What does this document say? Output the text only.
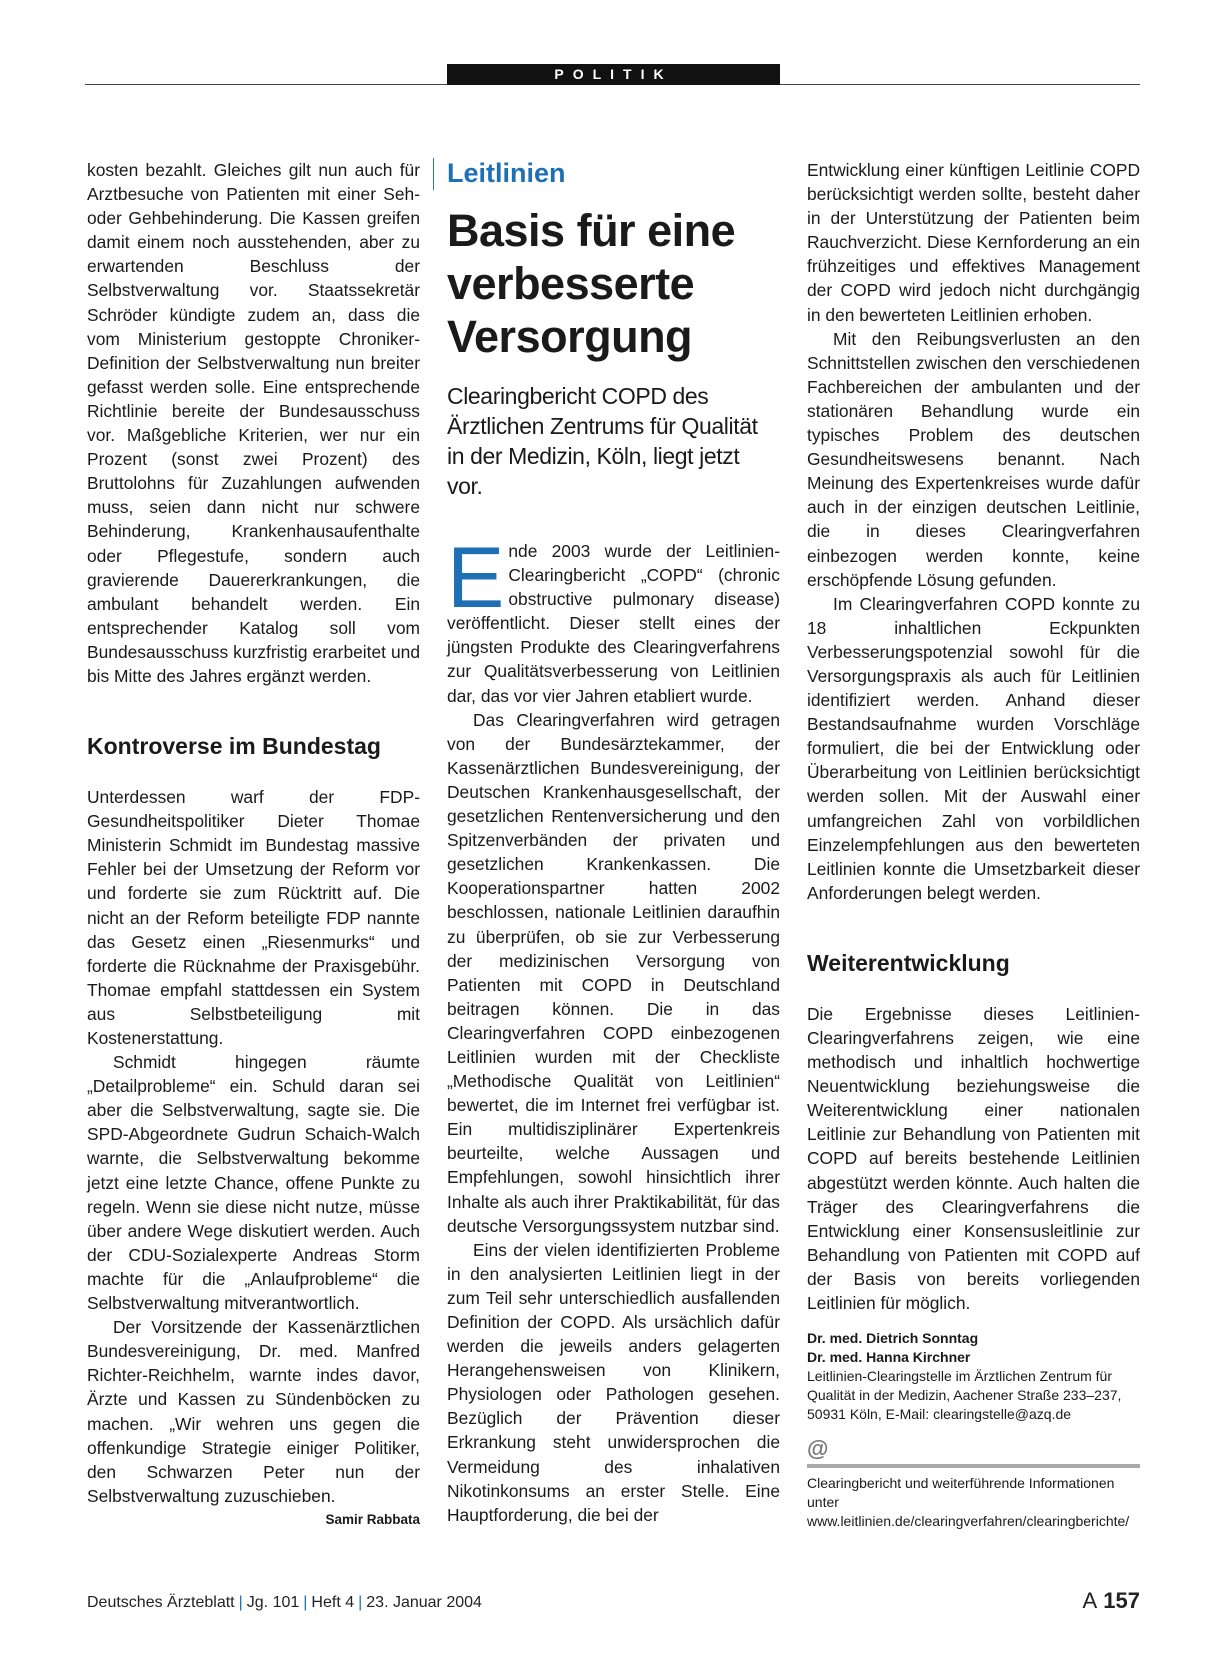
POLITIK

kosten bezahlt. Gleiches gilt nun auch für Arztbesuche von Patienten mit einer Seh- oder Gehbehinderung. Die Kassen greifen damit einem noch ausstehenden, aber zu erwartenden Beschluss der Selbstverwaltung vor. Staatssekretär Schröder kündigte zudem an, dass die vom Ministerium gestoppte Chroniker-Definition der Selbstverwaltung nun breiter gefasst werden solle. Eine entsprechende Richtlinie bereite der Bundesausschuss vor. Maßgebliche Kriterien, wer nur ein Prozent (sonst zwei Prozent) des Bruttolohns für Zuzahlungen aufwenden muss, seien dann nicht nur schwere Behinderung, Krankenhausaufenthalte oder Pflegestufe, sondern auch gravierende Dauererkrankungen, die ambulant behandelt werden. Ein entsprechender Katalog soll vom Bundesausschuss kurzfristig erarbeitet und bis Mitte des Jahres ergänzt werden.

Kontroverse im Bundestag

Unterdessen warf der FDP-Gesundheitspolitiker Dieter Thomae Ministerin Schmidt im Bundestag massive Fehler bei der Umsetzung der Reform vor und forderte sie zum Rücktritt auf. Die nicht an der Reform beteiligte FDP nannte das Gesetz einen „Riesenmurks“ und forderte die Rücknahme der Praxisgebühr. Thomae empfahl stattdessen ein System aus Selbstbeteiligung mit Kostenerstattung.

Schmidt hingegen räumte „Detailprobleme“ ein. Schuld daran sei aber die Selbstverwaltung, sagte sie. Die SPD-Abgeordnete Gudrun Schaich-Walch warnte, die Selbstverwaltung bekomme jetzt eine letzte Chance, offene Punkte zu regeln. Wenn sie diese nicht nutze, müsse über andere Wege diskutiert werden. Auch der CDU-Sozialexperte Andreas Storm machte für die „Anlaufprobleme“ die Selbstverwaltung mitverantwortlich.

Der Vorsitzende der Kassenärztlichen Bundesvereinigung, Dr. med. Manfred Richter-Reichhelm, warnte indes davor, Ärzte und Kassen zu Sündenböcken zu machen. „Wir wehren uns gegen die offenkundige Strategie einiger Politiker, den Schwarzen Peter nun der Selbstverwaltung zuzuschieben.
Samir Rabbata

Leitlinien
Basis für eine verbesserte Versorgung
Clearingbericht COPD des Ärztlichen Zentrums für Qualität in der Medizin, Köln, liegt jetzt vor.

Ende 2003 wurde der Leitlinien-Clearingbericht „COPD“ (chronic obstructive pulmonary disease) veröffentlicht. Dieser stellt eines der jüngsten Produkte des Clearingverfahrens zur Qualitätsverbesserung von Leitlinien dar, das vor vier Jahren etabliert wurde.

Das Clearingverfahren wird getragen von der Bundesärztekammer, der Kassenärztlichen Bundesvereinigung, der Deutschen Krankenhausgesellschaft, der gesetzlichen Rentenversicherung und den Spitzenverbänden der privaten und gesetzlichen Krankenkassen. Die Kooperationspartner hatten 2002 beschlossen, nationale Leitlinien daraufhin zu überprüfen, ob sie zur Verbesserung der medizinischen Versorgung von Patienten mit COPD in Deutschland beitragen können. Die in das Clearingverfahren COPD einbezogenen Leitlinien wurden mit der Checkliste „Methodische Qualität von Leitlinien“ bewertet, die im Internet frei verfügbar ist. Ein multidisziplinärer Expertenkreis beurteilte, welche Aussagen und Empfehlungen, sowohl hinsichtlich ihrer Inhalte als auch ihrer Praktikabilität, für das deutsche Versorgungssystem nutzbar sind.

Eins der vielen identifizierten Probleme in den analysierten Leitlinien liegt in der zum Teil sehr unterschiedlich ausfallenden Definition der COPD. Als ursächlich dafür werden die jeweils anders gelagerten Herangehensweisen von Klinikern, Physiologen oder Pathologen gesehen. Bezüglich der Prävention dieser Erkrankung steht unwidersprochen die Vermeidung des inhalativen Nikotinkonsums an erster Stelle. Eine Hauptforderung, die bei der

Entwicklung einer künftigen Leitlinie COPD berücksichtigt werden sollte, besteht daher in der Unterstützung der Patienten beim Rauchverzicht. Diese Kernforderung an ein frühzeitiges und effektives Management der COPD wird jedoch nicht durchgängig in den bewerteten Leitlinien erhoben.

Mit den Reibungsverlusten an den Schnittstellen zwischen den verschiedenen Fachbereichen der ambulanten und der stationären Behandlung wurde ein typisches Problem des deutschen Gesundheitswesens benannt. Nach Meinung des Expertenkreises wurde dafür auch in der einzigen deutschen Leitlinie, die in dieses Clearingverfahren einbezogen werden konnte, keine erschöpfende Lösung gefunden.

Im Clearingverfahren COPD konnte zu 18 inhaltlichen Eckpunkten Verbesserungspotenzial sowohl für die Versorgungspraxis als auch für Leitlinien identifiziert werden. Anhand dieser Bestandsaufnahme wurden Vorschläge formuliert, die bei der Entwicklung oder Überarbeitung von Leitlinien berücksichtigt werden sollen. Mit der Auswahl einer umfangreichen Zahl von vorbildlichen Einzelempfehlungen aus den bewerteten Leitlinien konnte die Umsetzbarkeit dieser Anforderungen belegt werden.

Weiterentwicklung

Die Ergebnisse dieses Leitlinien-Clearingverfahrens zeigen, wie eine methodisch und inhaltlich hochwertige Neuentwicklung beziehungsweise die Weiterentwicklung einer nationalen Leitlinie zur Behandlung von Patienten mit COPD auf bereits bestehende Leitlinien abgestützt werden könnte. Auch halten die Träger des Clearingverfahrens die Entwicklung einer Konsensusleitlinie zur Behandlung von Patienten mit COPD auf der Basis von bereits vorliegenden Leitlinien für möglich.

Dr. med. Dietrich Sonntag
Dr. med. Hanna Kirchner
Leitlinien-Clearingstelle im Ärztlichen Zentrum für Qualität in der Medizin, Aachener Straße 233–237, 50931 Köln, E-Mail: clearingstelle@azq.de
@
Clearingbericht und weiterführende Informationen unter www.leitlinien.de/clearingverfahren/clearingberichte/
Deutsches Ärzteblatt | Jg. 101 | Heft 4 | 23. Januar 2004	A 157
